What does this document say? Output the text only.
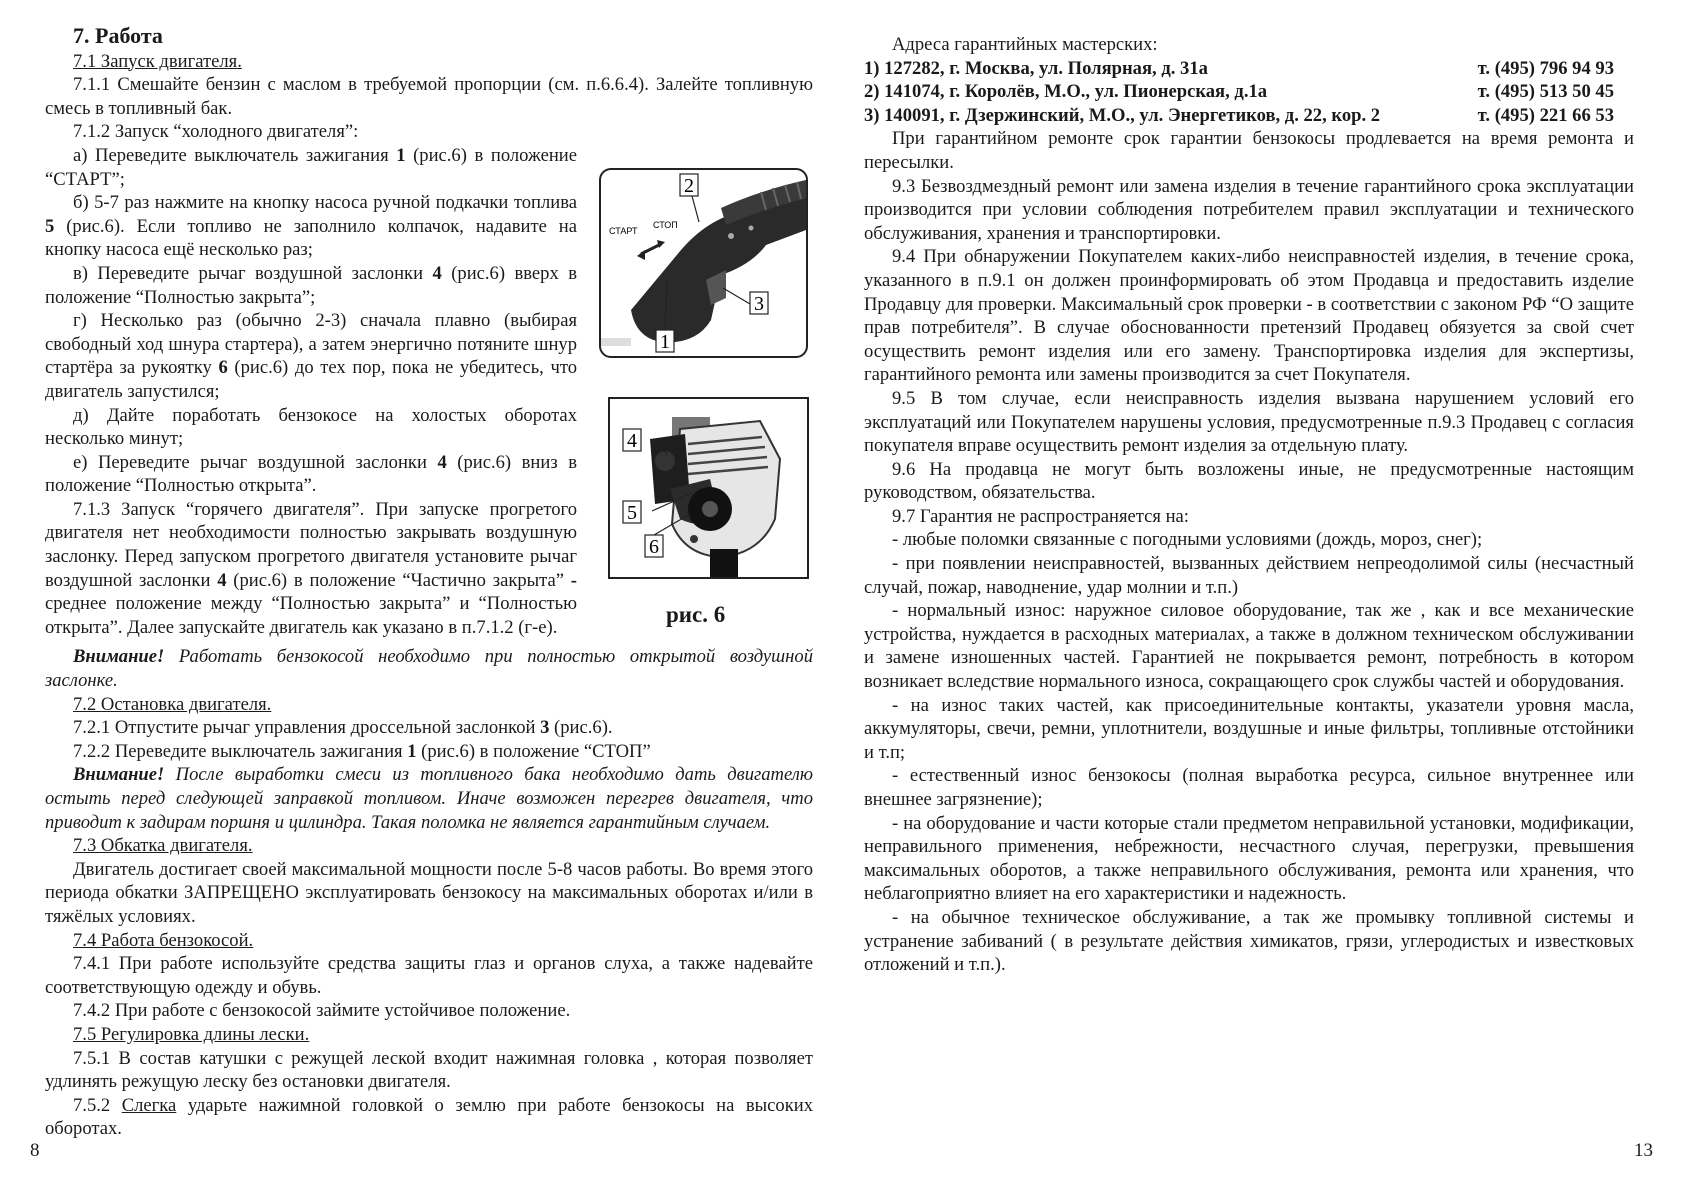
7. Работа

7.1 Запуск двигателя.

7.1.1 Смешайте бензин с маслом в требуемой пропорции (см. п.6.6.4). Залейте топливную смесь в топливный бак.

7.1.2 Запуск “холодного двигателя”:

а) Переведите выключатель зажигания 1 (рис.6) в положение “СТАРТ”;

б) 5-7 раз нажмите на кнопку насоса ручной подкачки топлива 5 (рис.6). Если топливо не заполнило колпачок, надавите на кнопку насоса ещё несколько раз;

в) Переведите рычаг воздушной заслонки 4 (рис.6) вверх в положение “Полностью закрыта”;

г) Несколько раз (обычно 2-3) сначала плавно (выбирая свободный ход шнура стартера), а затем энергично потяните шнур стартёра за рукоятку 6 (рис.6) до тех пор, пока не убедитесь, что двигатель запустился;

д) Дайте поработать бензокосе на холостых оборотах несколько минут;

е) Переведите рычаг воздушной заслонки 4 (рис.6) вниз в положение “Полностью открыта”.

7.1.3 Запуск “горячего двигателя”. При запуске прогретого двигателя нет необходимости полностью закрывать воздушную заслонку. Перед запуском прогретого двигателя установите рычаг воздушной заслонки 4 (рис.6) в положение “Частично закрыта” - среднее положение между “Полностью закрыта” и “Полностью открыта”. Далее запускайте двигатель как указано в п.7.1.2 (г-е).

Внимание! Работать бензокосой необходимо при полностью открытой воздушной заслонке.

7.2 Остановка двигателя.

7.2.1 Отпустите рычаг управления дроссельной заслонкой 3 (рис.6).

7.2.2 Переведите выключатель зажигания 1 (рис.6) в положение “СТОП”

Внимание! После выработки смеси из топливного бака необходимо дать двигателю остыть перед следующей заправкой топливом. Иначе возможен перегрев двигателя, что приводит к задирам поршня и цилиндра. Такая поломка не является гарантийным случаем.

7.3 Обкатка двигателя.

Двигатель достигает своей максимальной мощности после 5-8 часов работы. Во время этого периода обкатки ЗАПРЕЩЕНО эксплуатировать бензокосу на максимальных оборотах и/или в тяжёлых условиях.

7.4 Работа бензокосой.

7.4.1 При работе используйте средства защиты глаз и органов слуха, а также надевайте соответствующую одежду и обувь.

7.4.2 При работе с бензокосой займите устойчивое положение.

7.5 Регулировка длины лески.

7.5.1 В состав катушки с режущей леской входит нажимная головка , которая позволяет удлинять режущую леску без остановки двигателя.

7.5.2 Слегка ударьте нажимной головкой о землю при работе бензокосы на высоких оборотах.

СТАРТ
СТОП
2
3
1
4
5
6
рис. 6
8

Адреса гарантийных мастерских:

1) 127282, г. Москва, ул. Полярная, д. 31а	т. (495) 796 94 93
2) 141074, г. Королёв, М.О., ул. Пионерская, д.1а	т. (495) 513 50 45
3) 140091, г. Дзержинский, М.О., ул. Энергетиков, д. 22, кор. 2	т. (495) 221 66 53

При гарантийном ремонте срок гарантии бензокосы продлевается на время ремонта и пересылки.

9.3 Безвоздмездный ремонт или замена изделия в течение гарантийного срока эксплуатации производится при условии соблюдения потребителем правил эксплуатации и технического обслуживания, хранения и транспортировки.

9.4 При обнаружении Покупателем каких-либо неисправностей изделия, в течение срока, указанного в п.9.1 он должен проинформировать об этом Продавца и предоставить изделие Продавцу для проверки. Максимальный срок проверки - в соответствии с законом РФ “О защите прав потребителя”. В случае обоснованности претензий Продавец обязуется за свой счет осуществить ремонт изделия или его замену. Транспортировка изделия для экспертизы, гарантийного ремонта или замены производится за счет Покупателя.

9.5 В том случае, если неисправность изделия вызвана нарушением условий его эксплуатаций или Покупателем нарушены условия, предусмотренные п.9.3 Продавец с согласия покупателя вправе осуществить ремонт изделия за отдельную плату.

9.6 На продавца не могут быть возложены иные, не предусмотренные настоящим руководством, обязательства.

9.7 Гарантия не распространяется на:

- любые поломки связанные с погодными условиями (дождь, мороз, снег);

- при появлении неисправностей, вызванных действием непреодолимой силы (несчастный случай, пожар, наводнение, удар молнии и т.п.)

- нормальный износ: наружное силовое оборудование, так же , как и все механические устройства, нуждается в расходных материалах, а также в должном техническом обслуживании и замене изношенных частей. Гарантией не покрывается ремонт, потребность в котором возникает вследствие нормального износа, сокращающего срок службы частей и оборудования.

- на износ таких частей, как присоединительные контакты, указатели уровня масла, аккумуляторы, свечи, ремни, уплотнители, воздушные и иные фильтры, топливные отстойники и т.п;

- естественный износ бензокосы (полная выработка ресурса, сильное внутреннее или внешнее загрязнение);

- на оборудование и части которые стали предметом неправильной установки, модификации, неправильного применения, небрежности, несчастного случая, перегрузки, превышения максимальных оборотов, а также неправильного обслуживания, ремонта или хранения, что неблагоприятно влияет на его характеристики и надежность.

- на обычное техническое обслуживание, а так же промывку топливной системы и устранение забиваний ( в результате действия химикатов, грязи, углеродистых и известковых отложений и т.п.).

13
